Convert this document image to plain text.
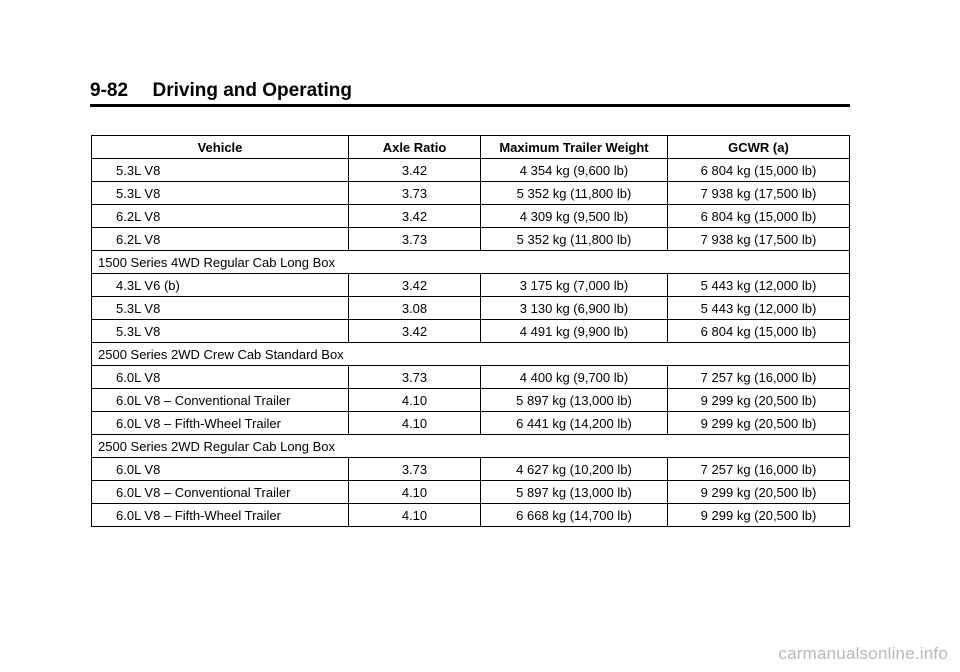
9-82 Driving and Operating
Vehicle	Axle Ratio	Maximum Trailer Weight	GCWR (a)
5.3L V8	3.42	4 354 kg (9,600 lb)	6 804 kg (15,000 lb)
5.3L V8	3.73	5 352 kg (11,800 lb)	7 938 kg (17,500 lb)
6.2L V8	3.42	4 309 kg (9,500 lb)	6 804 kg (15,000 lb)
6.2L V8	3.73	5 352 kg (11,800 lb)	7 938 kg (17,500 lb)
1500 Series 4WD Regular Cab Long Box			
4.3L V6 (b)	3.42	3 175 kg (7,000 lb)	5 443 kg (12,000 lb)
5.3L V8	3.08	3 130 kg (6,900 lb)	5 443 kg (12,000 lb)
5.3L V8	3.42	4 491 kg (9,900 lb)	6 804 kg (15,000 lb)
2500 Series 2WD Crew Cab Standard Box			
6.0L V8	3.73	4 400 kg (9,700 lb)	7 257 kg (16,000 lb)
6.0L V8 – Conventional Trailer	4.10	5 897 kg (13,000 lb)	9 299 kg (20,500 lb)
6.0L V8 – Fifth-Wheel Trailer	4.10	6 441 kg (14,200 lb)	9 299 kg (20,500 lb)
2500 Series 2WD Regular Cab Long Box			
6.0L V8	3.73	4 627 kg (10,200 lb)	7 257 kg (16,000 lb)
6.0L V8 – Conventional Trailer	4.10	5 897 kg (13,000 lb)	9 299 kg (20,500 lb)
6.0L V8 – Fifth-Wheel Trailer	4.10	6 668 kg (14,700 lb)	9 299 kg (20,500 lb)
carmanualsonline.info
